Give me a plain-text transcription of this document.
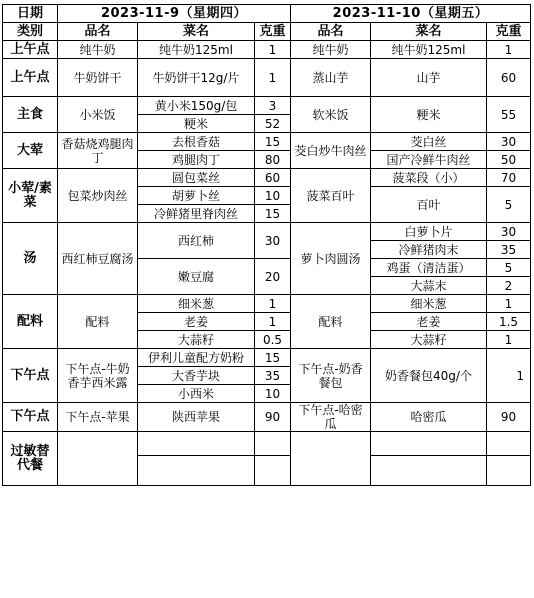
日期	2023-11-9（星期四）			2023-11-10（星期五）		
类别	品名	菜名	克重	品名	菜名	克重
上午点	纯牛奶	纯牛奶125ml	1	纯牛奶	纯牛奶125ml	1
上午点	牛奶饼干	牛奶饼干12g/片	1	蒸山芋	山芋	60
主食	小米饭	黄小米150g/包	3	软米饭	粳米	55
		粳米	52			
大荤	香菇烧鸡腿肉丁	去根香菇	15	茭白炒牛肉丝	茭白丝	30
		鸡腿肉丁	80		国产冷鲜牛肉丝	50
小荤/素菜	包菜炒肉丝	圆包菜丝	60	菠菜百叶	菠菜段（小）	70
		胡萝卜丝	10		百叶	5
		冷鲜猪里脊肉丝	15			
汤	西红柿豆腐汤	西红柿	30	萝卜肉圆汤	白萝卜片	30
					冷鲜猪肉末	35
		嫩豆腐	20		鸡蛋（清洁蛋）	5
					大蒜末	2
配料	配料	细米葱	1	配料	细米葱	1
		老姜	1		老姜	1.5
		大蒜籽	0.5		大蒜籽	1
下午点	下午点-牛奶香芋西米露	伊利儿童配方奶粉	15	下午点-奶香餐包	奶香餐包40g/个	1
		大香芋块	35			
		小西米	10			
下午点	下午点-苹果	陕西苹果	90	下午点-哈密瓜	哈密瓜	90
过敏替代餐						
